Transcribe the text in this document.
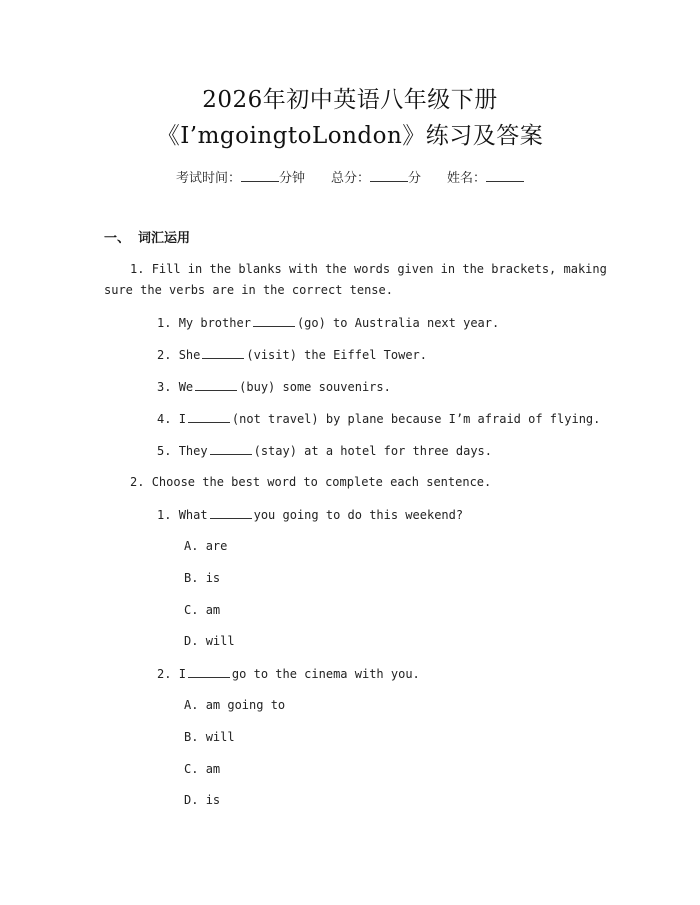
2026年初中英语八年级下册
《I’mgoingtoLondon》练习及答案
考试时间：	分钟 总分：	分 姓名：
一、 词汇运用
1. Fill in the blanks with the words given in the brackets, making
sure the verbs are in the correct tense.
1. My brother	(go) to Australia next year.
2. She	(visit) the Eiffel Tower.
3. We	(buy) some souvenirs.
4. I	(not travel) by plane because I’m afraid of flying.
5. They	(stay) at a hotel for three days.
2. Choose the best word to complete each sentence.
1. What	you going to do this weekend?
A. are
B. is
C. am
D. will
2. I	go to the cinema with you.
A. am going to
B. will
C. am
D. is
